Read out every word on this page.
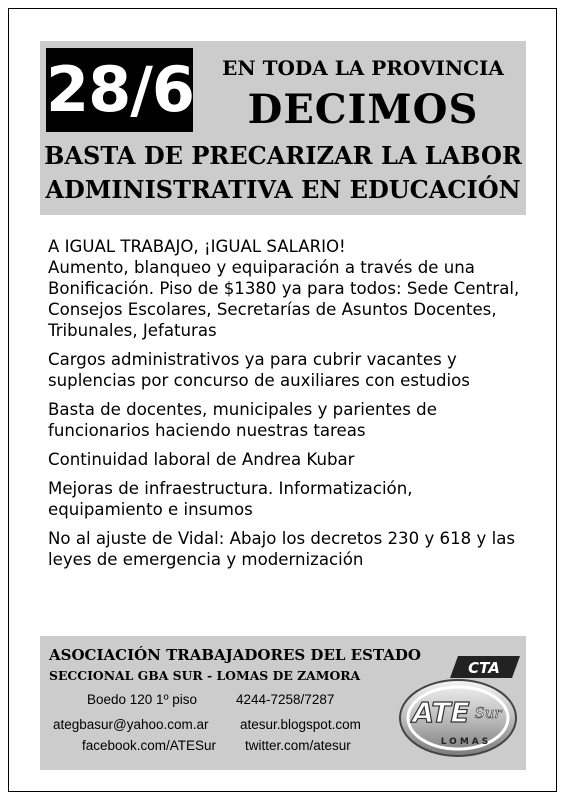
28/6	EN TODA LA PROVINCIA
DECIMOS
BASTA DE PRECARIZAR LA LABOR
ADMINISTRATIVA EN EDUCACIÓN

A IGUAL TRABAJO, ¡IGUAL SALARIO!

Aumento, blanqueo y equiparación a través de una Bonificación. Piso de $1380 ya para todos: Sede Central, Consejos Escolares, Secretarías de Asuntos Docentes, Tribunales, Jefaturas

Cargos administrativos ya para cubrir vacantes y suplencias por concurso de auxiliares con estudios

Basta de docentes, municipales y parientes de funcionarios haciendo nuestras tareas

Continuidad laboral de Andrea Kubar

Mejoras de infraestructura. Informatización, equipamiento e insumos

No al ajuste de Vidal: Abajo los decretos 230 y 618 y las leyes de emergencia y modernización

ASOCIACIÓN TRABAJADORES DEL ESTADO
SECCIONAL GBA SUR - LOMAS DE ZAMORA
Boedo 120 1º piso	4244-7258/7287
ategbasur@yahoo.com.ar atesur.blogspot.com
facebook.com/ATESur twitter.com/atesur
CTA
ATE Sur
LOMAS
